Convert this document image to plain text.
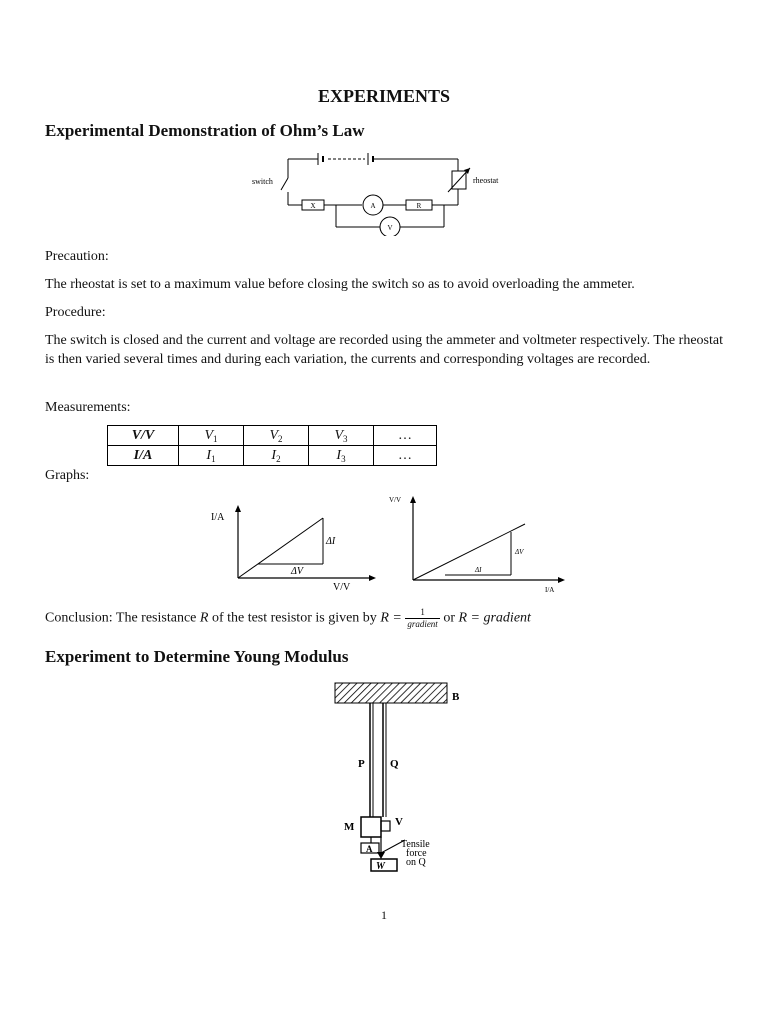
EXPERIMENTS
Experimental Demonstration of Ohm’s Law
switch	rheostat
X	A	R
V
Precaution:
The rheostat is set to a maximum value before closing the switch so as to avoid overloading the ammeter.
Procedure:
The switch is closed and the current and voltage are recorded using the ammeter and voltmeter respectively. The rheostat is then varied several times and during each variation, the currents and corresponding voltages are recorded.
Measurements:
V/V	$V_1$	$V_2$	$V_3$	…
I/A	$I_1$	$I_2$	$I_3$	…
Graphs:
I/A
V/V
ΔI
ΔV
V/V
I/A
ΔV
ΔI
Conclusion: The resistance R of the test resistor is given by $R = \frac{1}{\text{gradient}}$ or R = gradient
Experiment to Determine Young Modulus
B
P Q
M	V
A
W
Tensile
force
on Q
1
